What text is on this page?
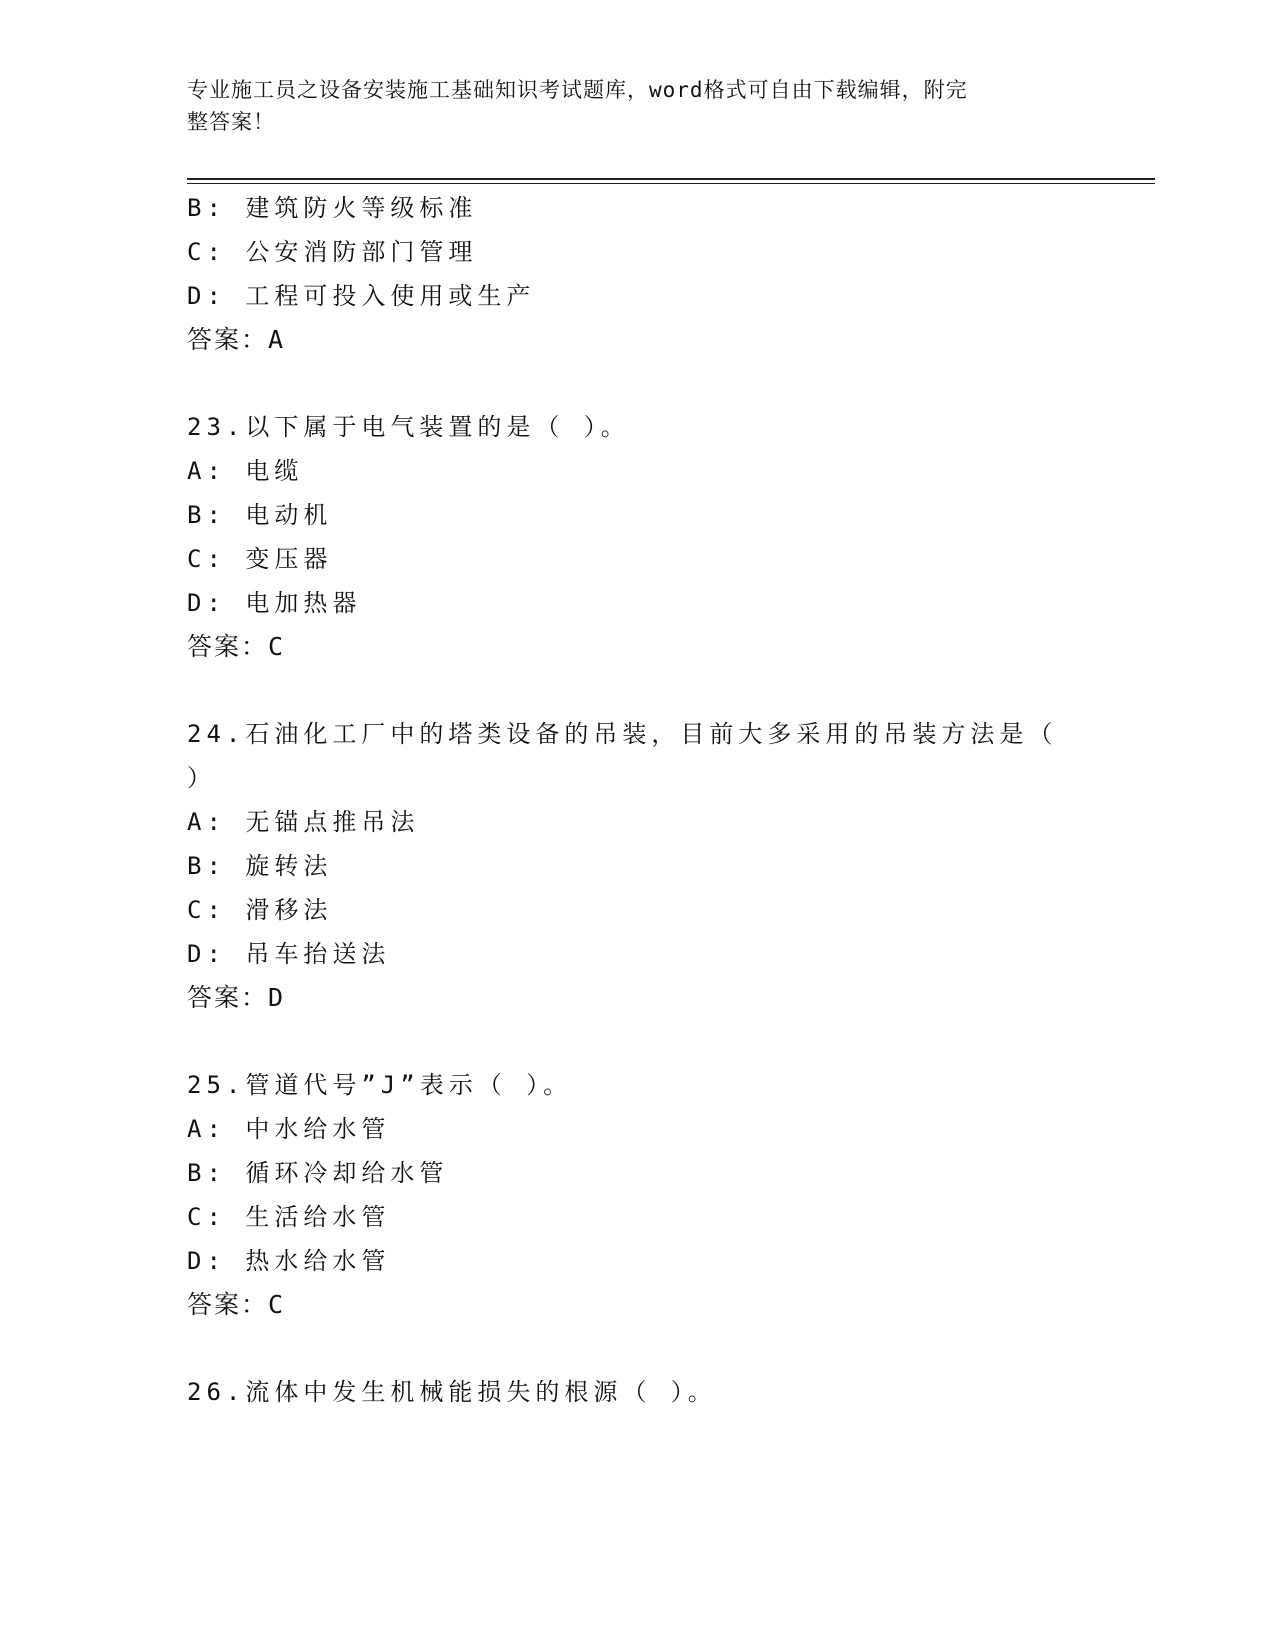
专业施工员之设备安装施工基础知识考试题库，word格式可自由下载编辑，附完
整答案！
B: 建筑防火等级标准
C: 公安消防部门管理
D: 工程可投入使用或生产
答案：A
23.以下属于电气装置的是（ ）。
A: 电缆
B: 电动机
C: 变压器
D: 电加热器
答案：C
24.石油化工厂中的塔类设备的吊装，目前大多采用的吊装方法是（
）
A: 无锚点推吊法
B: 旋转法
C: 滑移法
D: 吊车抬送法
答案：D
25.管道代号”J”表示（ ）。
A: 中水给水管
B: 循环冷却给水管
C: 生活给水管
D: 热水给水管
答案：C
26.流体中发生机械能损失的根源（ ）。
